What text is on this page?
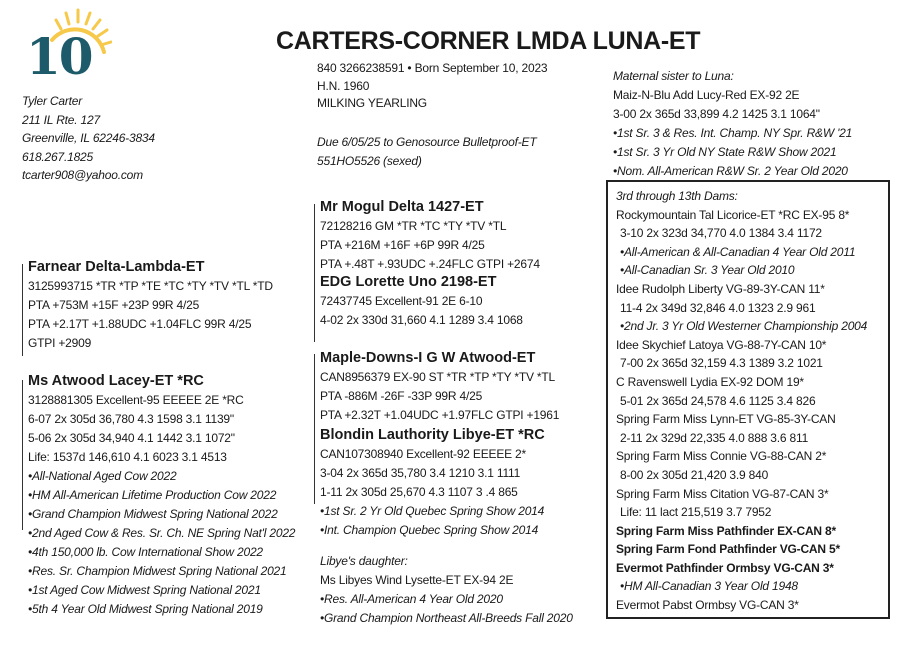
10	CARTERS-CORNER LMDA LUNA-ET
Tyler Carter
211 IL Rte. 127
Greenville, IL 62246-3834
618.267.1825
tcarter908@yahoo.com
840 3266238591 • Born September 10, 2023
H.N. 1960
MILKING YEARLING
Due 6/05/25 to Genosource Bulletproof-ET
551HO5526 (sexed)
Farnear Delta-Lambda-ET
3125993715 *TR *TP *TE *TC *TY *TV *TL *TD
PTA +753M +15F +23P 99R 4/25
PTA +2.17T +1.88UDC +1.04FLC 99R 4/25
GTPI +2909
Ms Atwood Lacey-ET *RC
3128881305 Excellent-95 EEEEE 2E *RC
6-07 2x 305d 36,780 4.3 1598 3.1 1139"
5-06 2x 305d 34,940 4.1 1442 3.1 1072"
Life: 1537d 146,610 4.1 6023 3.1 4513
•All-National Aged Cow 2022
•HM All-American Lifetime Production Cow 2022
•Grand Champion Midwest Spring National 2022
•2nd Aged Cow & Res. Sr. Ch. NE Spring Nat'l 2022
•4th 150,000 lb. Cow International Show 2022
•Res. Sr. Champion Midwest Spring National 2021
•1st Aged Cow Midwest Spring National 2021
•5th 4 Year Old Midwest Spring National 2019
Mr Mogul Delta 1427-ET
72128216 GM *TR *TC *TY *TV *TL
PTA +216M +16F +6P 99R 4/25
PTA +.48T +.93UDC +.24FLC GTPI +2674
EDG Lorette Uno 2198-ET
72437745 Excellent-91 2E 6-10
4-02 2x 330d 31,660 4.1 1289 3.4 1068
Maple-Downs-I G W Atwood-ET
CAN8956379 EX-90 ST *TR *TP *TY *TV *TL
PTA -886M -26F -33P 99R 4/25
PTA +2.32T +1.04UDC +1.97FLC GTPI +1961
Blondin Lauthority Libye-ET *RC
CAN107308940 Excellent-92 EEEEE 2*
3-04 2x 365d 35,780 3.4 1210 3.1 1111
1-11 2x 305d 25,670 4.3 1107 3 .4 865
•1st Sr. 2 Yr Old Quebec Spring Show 2014
•Int. Champion Quebec Spring Show 2014
Libye's daughter:
Ms Libyes Wind Lysette-ET EX-94 2E
•Res. All-American 4 Year Old 2020
•Grand Champion Northeast All-Breeds Fall 2020
Maternal sister to Luna:
Maiz-N-Blu Add Lucy-Red EX-92 2E
3-00 2x 365d 33,899 4.2 1425 3.1 1064"
•1st Sr. 3 & Res. Int. Champ. NY Spr. R&W '21
•1st Sr. 3 Yr Old NY State R&W Show 2021
•Nom. All-American R&W Sr. 2 Year Old 2020
3rd through 13th Dams:
Rockymountain Tal Licorice-ET *RC EX-95 8*
3-10 2x 323d 34,770 4.0 1384 3.4 1172
•All-American & All-Canadian 4 Year Old 2011
•All-Canadian Sr. 3 Year Old 2010
Idee Rudolph Liberty VG-89-3Y-CAN 11*
11-4 2x 349d 32,846 4.0 1323 2.9 961
•2nd Jr. 3 Yr Old Westerner Championship 2004
Idee Skychief Latoya VG-88-7Y-CAN 10*
7-00 2x 365d 32,159 4.3 1389 3.2 1021
C Ravenswell Lydia EX-92 DOM 19*
5-01 2x 365d 24,578 4.6 1125 3.4 826
Spring Farm Miss Lynn-ET VG-85-3Y-CAN
2-11 2x 329d 22,335 4.0 888 3.6 811
Spring Farm Miss Connie VG-88-CAN 2*
8-00 2x 305d 21,420 3.9 840
Spring Farm Miss Citation VG-87-CAN 3*
Life: 11 lact 215,519 3.7 7952
Spring Farm Miss Pathfinder EX-CAN 8*
Spring Farm Fond Pathfinder VG-CAN 5*
Evermot Pathfinder Ormbsy VG-CAN 3*
•HM All-Canadian 3 Year Old 1948
Evermot Pabst Ormbsy VG-CAN 3*
